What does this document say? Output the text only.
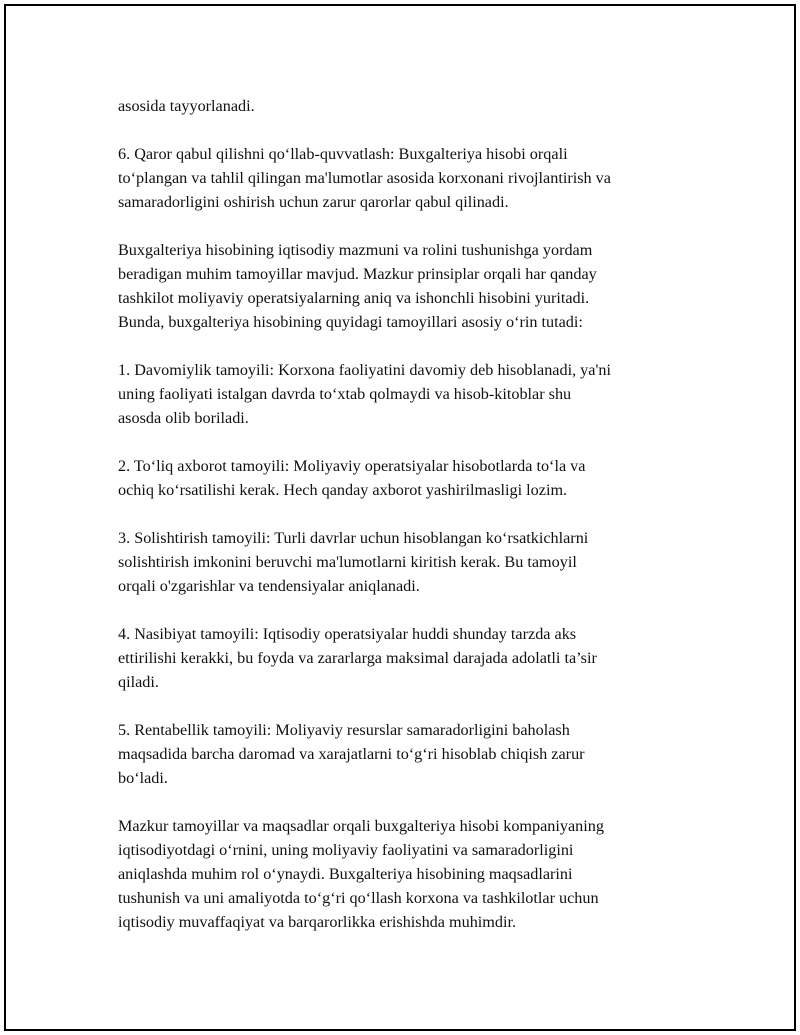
asosida tayyorlanadi.

6. Qaror qabul qilishni qo‘llab-quvvatlash: Buxgalteriya hisobi orqali
to‘plangan va tahlil qilingan ma'lumotlar asosida korxonani rivojlantirish va
samaradorligini oshirish uchun zarur qarorlar qabul qilinadi.

Buxgalteriya hisobining iqtisodiy mazmuni va rolini tushunishga yordam
beradigan muhim tamoyillar mavjud. Mazkur prinsiplar orqali har qanday
tashkilot moliyaviy operatsiyalarning aniq va ishonchli hisobini yuritadi.
Bunda, buxgalteriya hisobining quyidagi tamoyillari asosiy o‘rin tutadi:

1. Davomiylik tamoyili: Korxona faoliyatini davomiy deb hisoblanadi, ya'ni
uning faoliyati istalgan davrda to‘xtab qolmaydi va hisob-kitoblar shu
asosda olib boriladi.

2. To‘liq axborot tamoyili: Moliyaviy operatsiyalar hisobotlarda to‘la va
ochiq ko‘rsatilishi kerak. Hech qanday axborot yashirilmasligi lozim.

3. Solishtirish tamoyili: Turli davrlar uchun hisoblangan ko‘rsatkichlarni
solishtirish imkonini beruvchi ma'lumotlarni kiritish kerak. Bu tamoyil
orqali o'zgarishlar va tendensiyalar aniqlanadi.

4. Nasibiyat tamoyili: Iqtisodiy operatsiyalar huddi shunday tarzda aks
ettirilishi kerakki, bu foyda va zararlarga maksimal darajada adolatli ta’sir
qiladi.

5. Rentabellik tamoyili: Moliyaviy resurslar samaradorligini baholash
maqsadida barcha daromad va xarajatlarni to‘g‘ri hisoblab chiqish zarur
bo‘ladi.

Mazkur tamoyillar va maqsadlar orqali buxgalteriya hisobi kompaniyaning
iqtisodiyotdagi o‘rnini, uning moliyaviy faoliyatini va samaradorligini
aniqlashda muhim rol o‘ynaydi. Buxgalteriya hisobining maqsadlarini
tushunish va uni amaliyotda to‘g‘ri qo‘llash korxona va tashkilotlar uchun
iqtisodiy muvaffaqiyat va barqarorlikka erishishda muhimdir.
